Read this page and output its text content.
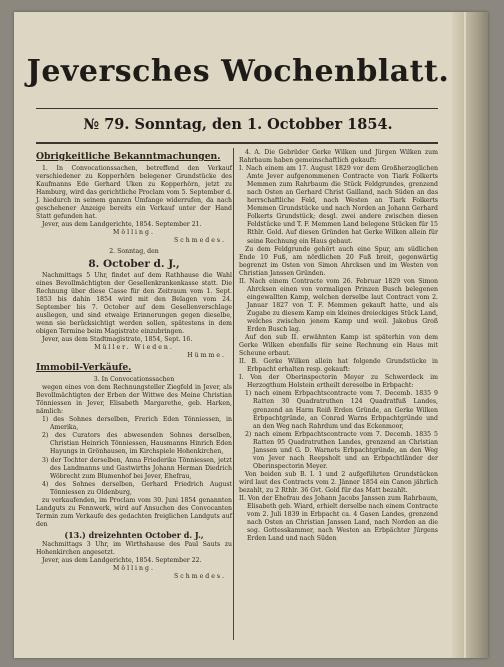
Jeversches Wochenblatt.
№ 79. Sonntag, den 1. Octobber 1854.
Obrigkeitliche Bekanntmachungen.

1. In Convocationssachen, betreffend den Verkauf verschiedener zu Kopperhörn belegener Grundstücke des Kaufmanns Ede Gerhard Uken zu Kopperhörn, jetzt zu Hamburg, wird das gerichtliche Proclam vom 5. September d. J. hiedurch in seinem ganzen Umfange widerrufen, da nach geschehener Anzeige bereits ein Verkauf unter der Hand Statt gefunden hat.

Jever, aus dem Landgerichte, 1854. September 21.

Mölling.

Schmedes.

2. Sonntag, den

8. October d. J.,

Nachmittags 5 Uhr, findet auf dem Rathhause die Wahl eines Bevollmächtigten der Gesellenkrankenkasse statt. Die Rechnung über diese Casse für den Zeitraum vom 1. Sept. 1853 bis dahin 1854 wird mit den Belagen vom 24. September bis 7. October auf dem Gesellenverschlage ausliegen, und sind etwaige Erinnerungen gegen dieselbe, wenn sie berücksichtigt werden sollen, spätestens in dem obigen Termine beim Magistrate einzubringen.

Jever, aus dem Stadtmagistrate, 1854, Sept. 16.

Müller. Wieden.

Hümme.

Immobil-Verkäufe.

3. In Convocationssachen

wegen eines von dem Rechnungsteller Ziegfeld in Jever, als Bevollmächtigten der Erben der Wittwe des Meine Christian Tönniessen in Jever, Elisabeth Margarethe, geb. Harken, nämlich:

1) des Sohnes derselben, Frerich Eden Tönniessen, in Amerika,

2) des Curators des abwesenden Sohnes derselben, Christian Heinrich Tönniessen, Hausmanns Hinrich Eden Hayungs in Grönhausen, im Kirchspiele Hohenkirchen,

3) der Tochter derselben, Anna Friederike Tönniessen, jetzt des Landmanns und Gastwirths Johann Herman Diedrich Wöbrecht zum Blumenhof bei Jever, Ehefrau,

4) des Sohnes derselben, Gerhard Friedrich August Tönniessen zu Oldenburg,

zu verkaufenden, im Proclam vom 30. Juni 1854 genannten Landguts zu Fennwerk, wird auf Ansuchen des Convocanten Termin zum Verkaufe des gedachten freiglichen Landguts auf den

(13.) dreizehnten October d. J.,

Nachmittags 3 Uhr, im Wirthshause des Paul Sauts zu Hohenkirchen angesetzt.

Jever, aus dem Landgerichte, 1854. September 22.

Mölling.

Schmedes.

4. A. Die Gebrüder Gerke Wilken und Jürgen Wilken zum Rahrbaum haben gemeinschaftlich gekauft:

I. Nach einem am 17. August 1829 vor dem Großherzoglichen Amte Jever aufgenommenen Contracte von Tiark Folkerts Memmen zum Rahrbaum die Stück Feldgrundes, grenzend nach Osten an Gerhard Christ Gailland, nach Süden an das herrschaftliche Feld, nach Westen an Tiark Folkerts Memmen Grundstücke und nach Norden an Johann Gerhard Folkerts Grundstück; desgl. zwei andere zwischen diesen Feldstücke und T. F. Memmen Land belegene Stücken für 15 Rthlr. Gold. Auf diesen Gründen hat Gerke Wilken allein für seine Rechnung ein Haus gebaut.

Zu dem Feldgrunde gehört auch eine Spur, am südlichen Ende 10 Fuß, am nördlichen 20 Fuß breit, gegenwärtig begrenzt im Osten von Simon Ahrcksen und im Westen von Christian Janssen Gründen.

II. Nach einem Contracte vom 26. Februar 1829 von Simon Ahrcksen einen von vormaligen Prinzen Busch belegenen eingewallten Kamp, welchen derselbe laut Contract vom 2. Januar 1827 von T. F. Memmen gekauft hatte, und als Zugabe zu diesem Kamp ein kleines dreieckiges Stück Land, welches zwischen jenem Kamp und weil. Jakobus Groß Erden Busch lag.

Auf den sub II. erwähnten Kamp ist späterhin von dem Gerke Wilken ebenfalls für seine Rechnung ein Haus mit Scheune erbaut.

II. B. Gerke Wilken allein hat folgende Grundstücke in Erbpacht erhalten resp. gekauft:

I. Von der Oberinspectorin Meyer zu Schwerdeck im Herzogthum Holstein ertheilt dereselbe in Erbpacht:

1) nach einem Erbpachtscontracte vom 7. Decemb. 1835 9 Ratten 30 Quadratruthen 124 Quadratfuß Landes, grenzend an Harm Reiß Erden Gründe, an Gerke Wilken Erbpachtgründe, an Conrad Warns Erbpachtgründe und an den Weg nach Rahrdum und das Eckenmoor,

2) nach einem Erbpachtscontracte vom 7. Decemb. 1835 5 Ratten 95 Quadratruthen Landes, grenzend an Christian Janssen und G. D. Warnets Erbpachtgründe, an den Weg von Jever nach Reepsholt und an Erbpachtländer der Oberinspectorin Meyer.

Von beiden sub B. I. 1 und 2 aufgeführten Grundstücken wird laut des Contracts vom 2. Jänner 1854 ein Canon jährlich bezahlt, zu 2 Rthlr. 36 Gvt. Gold für das Matt bezahlt.

II. Von der Ehefrau des Johann Jacobs Janssen zum Rahrbaum, Elisabeth geb. Wiard, erhielt derselbe nach einem Contracte vom 2. Juli 1839 in Erbpacht ca. 4 Gasen Landes, grenzend nach Osten an Christian Janssen Land, nach Norden an die sog. Gottesskammer, nach Westen an Erbpächter Jürgens Erden Land und nach Süden
